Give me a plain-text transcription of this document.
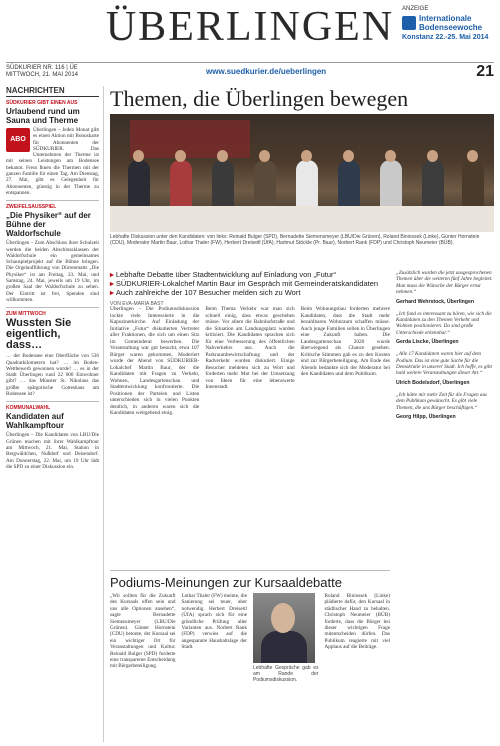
ÜBERLINGEN	ANZEIGE
Internationale
Bodenseewoche
Konstanz 22.-25. Mai 2014
SÜDKURIER NR. 116 | ÜE
MITTWOCH, 21. MAI 2014	www.suedkurier.de/ueberlingen	21
NACHRICHTEN
SÜDKURIER GIBT EINEN AUS
Urlaubend rund um Sauna und Therme
ABO
Überlingen – Jeden Monat gibt es einen Aktion mit Bonuskarte für Abonnenten der SÜDKURIER. Das Unternehmen der Therme ist mit seinen Leistungen am Bodensee bekannt. Freut Ihnen die Thermen mit der ganzen Familie für einen Tag. Am Dienstag, 27. Mai, gibt es Gelegenheit für Abonnenten, günstig in der Therme zu entspannen.
ZWEIFELSAUSSPIEL
„Die Physiker“ auf der Bühne der Waldorfschule
Überlingen – Zum Abschluss ihrer Schulzeit werden die beiden Abschlussklassen der Waldorfschule ein gemeinsames Schauspielprojekt auf die Bühne bringen. Die Orgelaufführung von Dürrenmatts „Die Physiker“ ist am Freitag, 23. Mai, und Samstag, 24. Mai, jeweils um 19 Uhr, im großen Saal der Waldorfschule zu sehen. Der Eintritt ist frei, Spenden sind willkommen.
ZUM MITTWOCH
Wussten Sie eigentlich, dass…
… der Bodensee eine Oberfläche von 536 Quadratkilometern hat? … im Boden-Wettbewerb gewonnen wurde? … es in der Stadt Überlingen rund 22 000 Einwohner gibt? … das Münster St. Nikolaus das größte spätgotische Gotteshaus am Bodensee ist?
KOMMUNALWAHL
Kandidaten auf Wahlkampftour
Überlingen – Die Kandidaten von LBU/Die Grünen machen mit ihrer Wahlkampftour am Mittwoch, 21. Mai, Station in Bergwäldchen, Nußdorf und Deisendorf. Am Donnerstag, 22. Mai, um 19 Uhr lädt die SPD zu einer Diskussion ein.
Themen, die Überlingen bewegen
Lebhafte Diskussion unter den Kandidaten: von links: Reinald Bulger (SPD), Bernadette Siemensmeyer (LBU/Die Grünen), Roland Biniossek (Linke), Günter Hornstein (CDU), Moderator Martin Baur, Lothar Thaler (FW), Herbert Dreiseitl (ÜfA), Hartmut Stöckle (Pr. Baur), Norbert Rank (FDP) und Christoph Neumeier (BÜB).
▸ Lebhafte Debatte über Stadtentwicklung auf Einladung von „Futur“
▸ SÜDKURIER-Lokalchef Martin Baur im Gespräch mit Gemeinderatskandidaten
▸ Auch zahlreiche der 107 Besucher melden sich zu Wort
VON EVA-MARIA BAST
Überlingen – Die Podiumsdiskussion lockte viele Interessierte in die Kapuzinerkirche. Auf Einladung der Initiative „Futur“ diskutierten Vertreter aller Fraktionen, die sich um einen Sitz im Gemeinderat bewerben. Die Veranstaltung war gut besucht, etwa 107 Bürger waren gekommen. Moderiert wurde der Abend von SÜDKURIER-Lokalchef Martin Baur, der die Kandidaten mit Fragen zu Verkehr, Wohnen, Landesgartenschau und Stadtentwicklung konfrontierte. Die Positionen der Parteien und Listen unterschieden sich in vielen Punkten deutlich, in anderen waren sich die Kandidaten weitgehend einig.
Beim Thema Verkehr war man sich schnell einig, dass etwas geschehen müsse. Vor allem die Bahnhofstraße und die Situation am Landungsplatz wurden kritisiert. Die Kandidaten sprachen sich für eine Verbesserung des öffentlichen Nahverkehrs aus. Auch die Parkraumbewirtschaftung und der Radverkehr wurden diskutiert. Einige Besucher meldeten sich zu Wort und forderten mehr Mut bei der Umsetzung von Ideen für eine lebenswerte Innenstadt.
Beim Wohnungsbau forderten mehrere Kandidaten, dass die Stadt mehr bezahlbaren Wohnraum schaffen müsse. Auch junge Familien sollen in Überlingen eine Zukunft haben. Die Landesgartenschau 2020 wurde überwiegend als Chance gesehen. Kritische Stimmen gab es zu den Kosten und zur Bürgerbeteiligung. Am Ende des Abends bedankte sich der Moderator bei den Kandidaten und dem Publikum.
„Zusätzlich wurden die jetzt ausgesprochenen Themen über die weiteren fünf Jahre begleitet. Man muss die Wünsche der Bürger ernst nehmen.“
Gerhard Wehrstock, Überlingen
„Ich fand es interessant zu hören, wie sich die Kandidaten zu den Themen Verkehr und Wohnen positionieren. Da sind große Unterschiede erkennbar.“
Gerda Liscke, Überlingen
„Alle 17 Kandidaten waren hier auf dem Podium. Das ist eine gute Sache für die Demokratie in unserer Stadt. Ich hoffe, es gibt bald weitere Veranstaltungen dieser Art.“
Ulrich Bodelsdorf, Überlingen
„Ich hätte mir mehr Zeit für die Fragen aus dem Publikum gewünscht. Es gibt viele Themen, die uns Bürger beschäftigen.“
Georg Hilpp, Überlingen
Podiums-Meinungen zur Kursaaldebatte
„Wir sollten für die Zukunft des Kursaals offen sein und uns alle Optionen ansehen“, sagte Bernadette Siemensmeyer (LBU/Die Grünen). Günter Hornstein (CDU) betonte, der Kursaal sei ein wichtiger Ort für Veranstaltungen und Kultur. Reinald Bulger (SPD) forderte eine transparente Entscheidung mit Bürgerbeteiligung.
Lothar Thaler (FW) meinte, die Sanierung sei teuer, aber notwendig. Herbert Dreiseitl (ÜfA) sprach sich für eine gründliche Prüfung aller Varianten aus. Norbert Rank (FDP) verwies auf die angespannte Haushaltslage der Stadt.
Lebhafte Gespräche gab es am Rande der Podiumsdiskussion.
Roland Biniossek (Linke) plädierte dafür, den Kursaal in städtischer Hand zu behalten. Christoph Neumeier (BÜB) forderte, dass die Bürger bei dieser wichtigen Frage mitentscheiden dürfen. Das Publikum reagierte mit viel Applaus auf die Beiträge.
